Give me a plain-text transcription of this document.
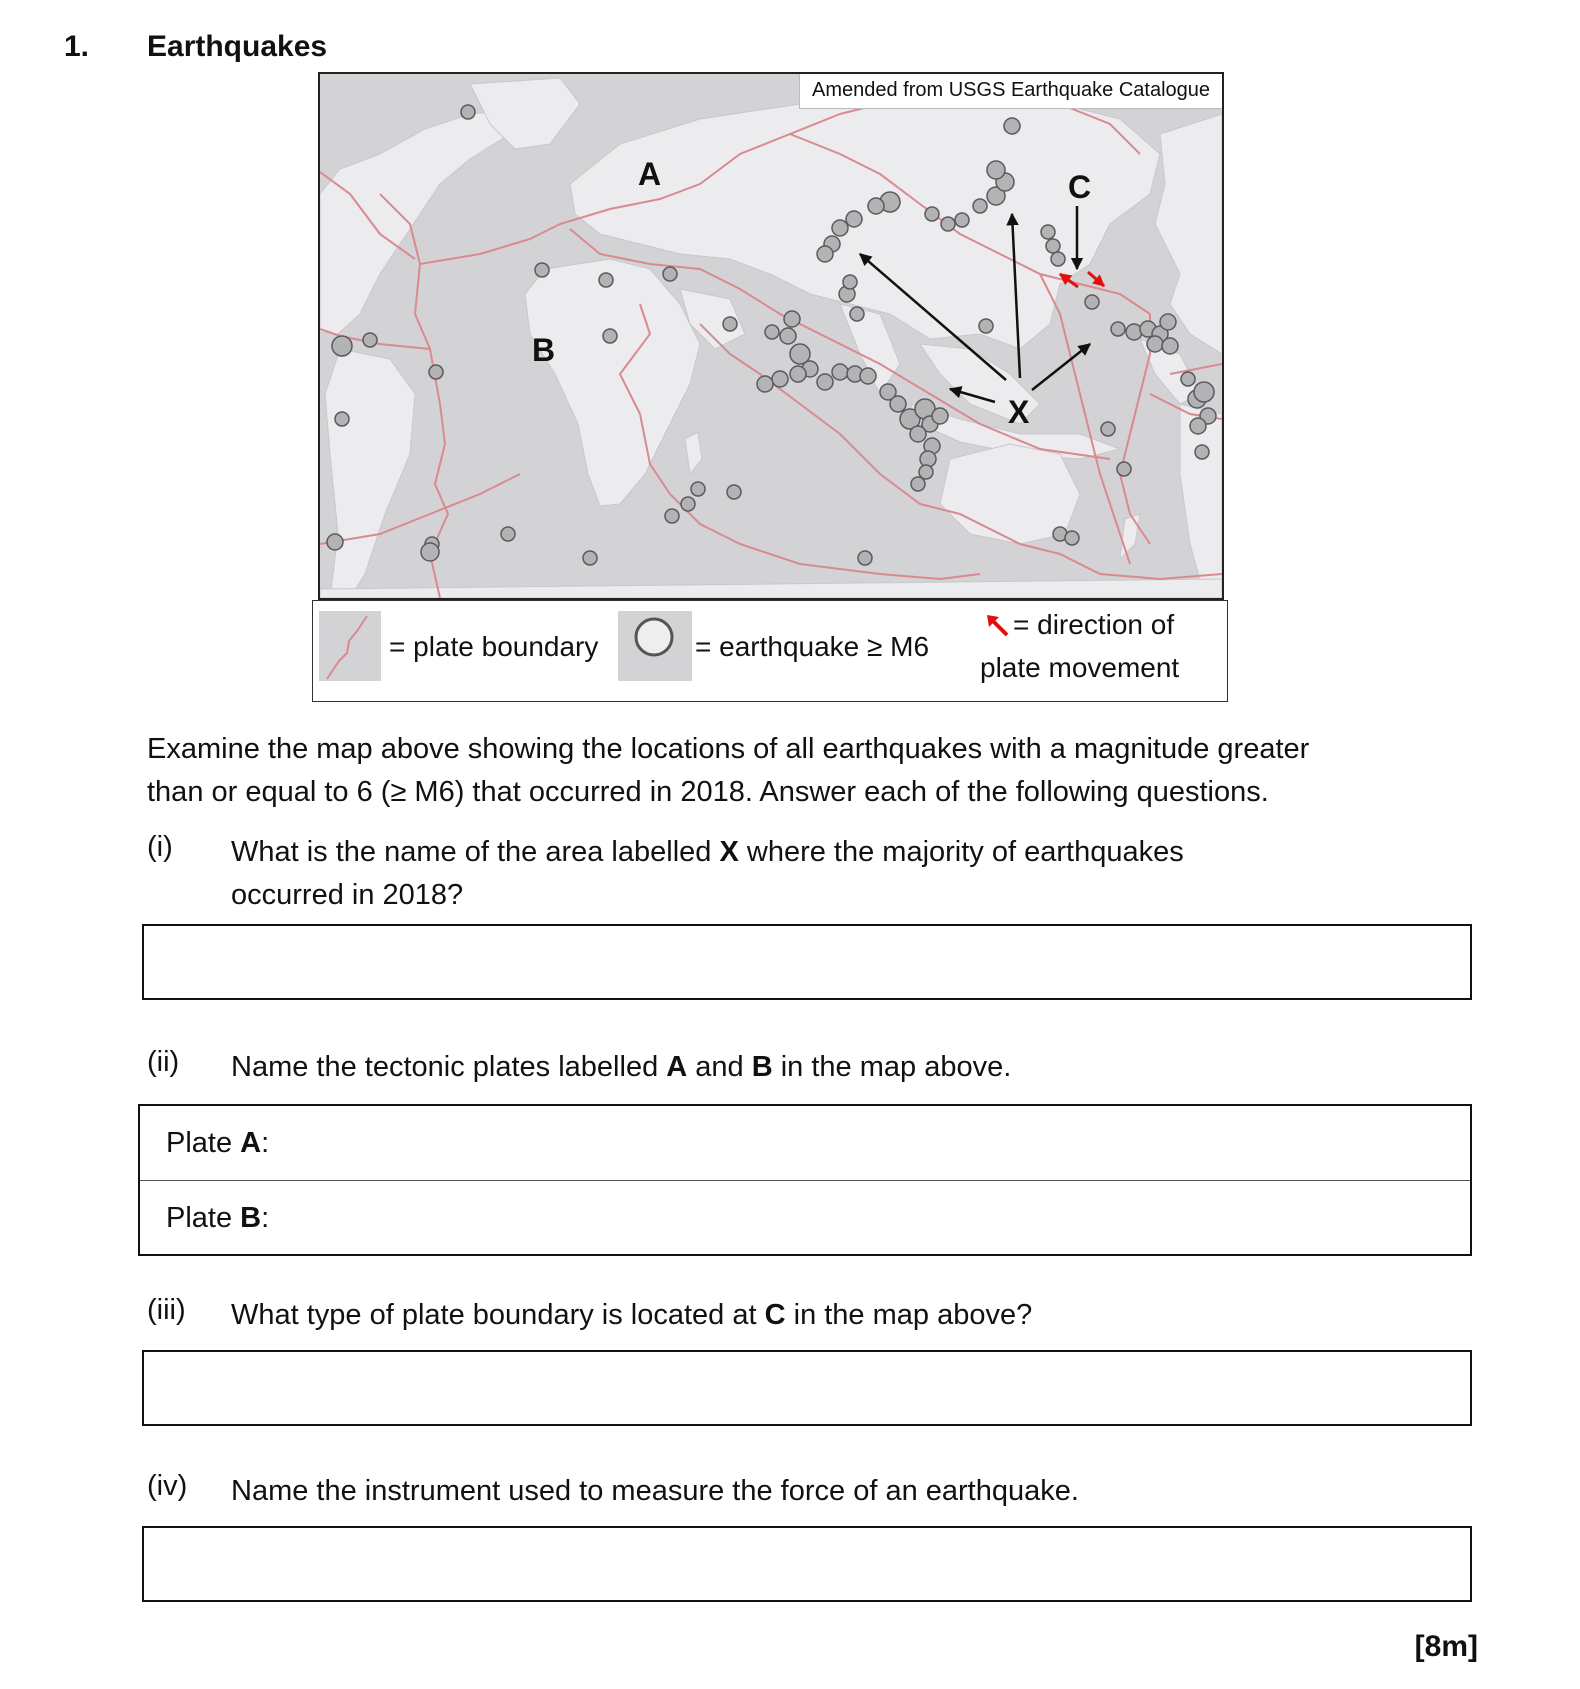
1. Earthquakes
Amended from USGS Earthquake Catalogue
A
B
C
X
= plate boundary	= earthquake ≥ M6
= direction of
plate movement
Examine the map above showing the locations of all earthquakes with a magnitude greater
than or equal to 6 (≥ M6) that occurred in 2018. Answer each of the following questions.
(i) What is the name of the area labelled X where the majority of earthquakes
occurred in 2018?
(ii) Name the tectonic plates labelled A and B in the map above.
Plate A:
Plate B:
(iii) What type of plate boundary is located at C in the map above?
(iv) Name the instrument used to measure the force of an earthquake.
[8m]
